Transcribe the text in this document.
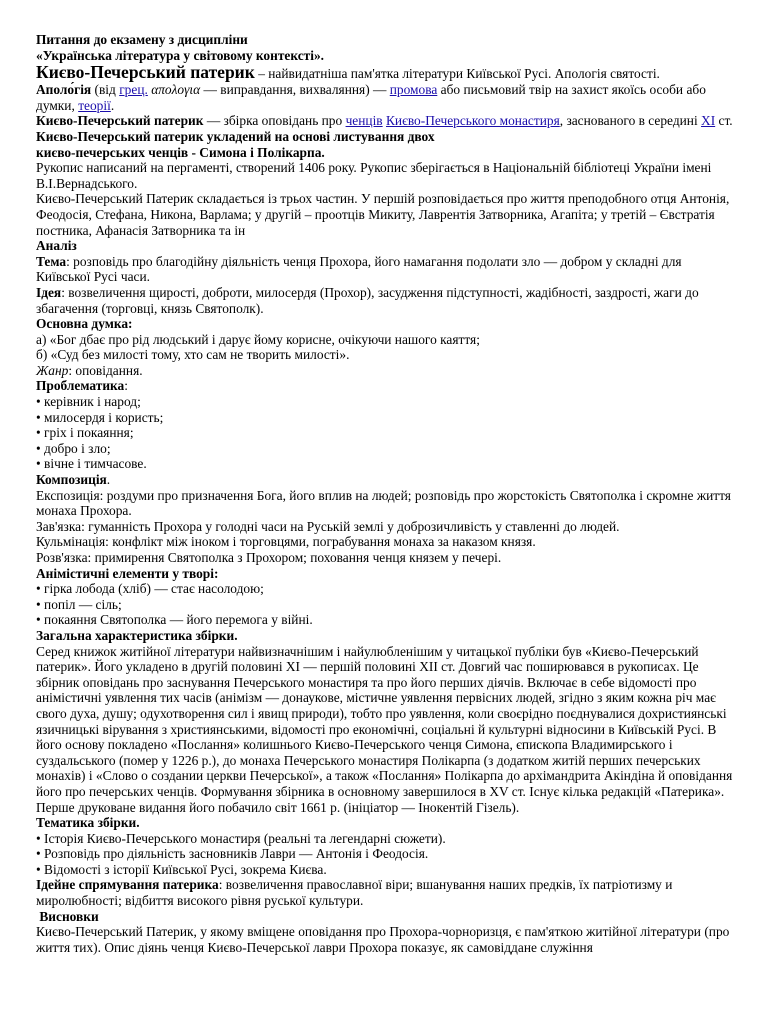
Питання до екзамену з дисципліни

«Українська література у світовому контексті».

Києво-Печерський патерик – найвидатніша пам'ятка літератури Київської Русі. Апологія святості.

Аполо́гія (від грец. απολογια — виправдання, вихваляння) — промова або письмовий твір на захист якоїсь особи або думки, теорії.

Києво-Печерський патерик — збірка оповідань про ченців Києво-Печерського монастиря, заснованого в середині XI ст.

Києво-Печерський патерик укладений на основі листування двох

києво-печерських ченців - Симона і Полікарпа.

Рукопис написаний на пергаменті, створений 1406 року. Рукопис зберігається в Національній бібліотеці України імені В.І.Вернадського.

Києво-Печерський Патерик складається із трьох частин. У першій розповідається про життя преподобного отця Антонія, Феодосія, Стефана, Никона, Варлама; у другій – проотців Микиту, Лаврентія Затворника, Агапіта; у третій – Євстратія постника, Афанасія Затворника та ін

Аналіз

Тема: розповідь про благодійну діяльність ченця Прохора, його намагання подолати зло — добром у складні для Київської Русі часи.

Ідея: возвеличення щирості, доброти, милосердя (Прохор), засудження підступності, жадібності, заздрості, жаги до збагачення (торговці, князь Святополк).

Основна думка:

а) «Бог дбає про рід людський і дарує йому корисне, очікуючи нашого каяття;

б) «Суд без милості тому, хто сам не творить милості».

Жанр: оповідання.

Проблематика:

• керівник і народ;

• милосердя і користь;

• гріх і покаяння;

• добро і зло;

• вічне і тимчасове.

Композиція.

Експозиція: роздуми про призначення Бога, його вплив на людей; розповідь про жорстокість Святополка і скромне життя монаха Прохора.

Зав'язка: гуманність Прохора у голодні часи на Руській землі у доброзичливість у ставленні до людей.

Кульмінація: конфлікт між іноком і торговцями, пограбування монаха за наказом князя.

Розв'язка: примирення Святополка з Прохором; поховання ченця князем у печері.

Анімістичні елементи у творі:

• гірка лобода (хліб) — стає насолодою;

• попіл — сіль;

• покаяння Святополка — його перемога у війні.

Загальна характеристика збірки.

Серед книжок житійної літератури найвизначнішим і найулюбленішим у читацької публіки був «Києво-Печерський патерик». Його укладено в другій половині XI — першій половині XII ст. Довгий час поширювався в рукописах. Це збірник оповідань про заснування Печерського монастиря та про його перших діячів. Включає в себе відомості про анімістичні уявлення тих часів (анімізм — донаукове, містичне уявлення первісних людей, згідно з яким кожна річ має свого духа, душу; одухотворення сил і явищ природи), тобто про уявлення, коли своєрідно поєднувалися дохристиянські язичницькі вірування з християнськими, відомості про економічні, соціальні й культурні відносини в Київській Русі. В його основу покладено «Послання» колишнього Києво-Печерського ченця Симона, єпископа Владимирського і суздальського (помер у 1226 р.), до монаха Печерського монастиря Полікарпа (з додатком житій перших печерських монахів) і «Слово о создании церкви Печерської», а також «Послання» Полікарпа до архімандрита Акіндіна й оповідання його про печерських ченців. Формування збірника в основному завершилося в XV ст. Існує кілька редакцій «Патерика». Перше друковане видання його побачило світ 1661 р. (ініціатор — Інокентій Гізель).

Тематика збірки.

• Історія Києво-Печерського монастиря (реальні та легендарні сюжети).

• Розповідь про діяльність засновників Лаври — Антонія і Феодосія.

• Відомості з історії Київської Русі, зокрема Києва.

Ідейне спрямування патерика: возвеличення православної віри; вшанування наших предків, їх патріотизму и миролюбності; відбиття високого рівня руської культури.

Висновки

Києво-Печерський Патерик, у якому вміщене оповідання про Прохора-чорноризця, є пам'яткою житійної літератури (про життя тих). Опис діянь ченця Києво-Печерської лаври Прохора показує, як самовіддане служіння
